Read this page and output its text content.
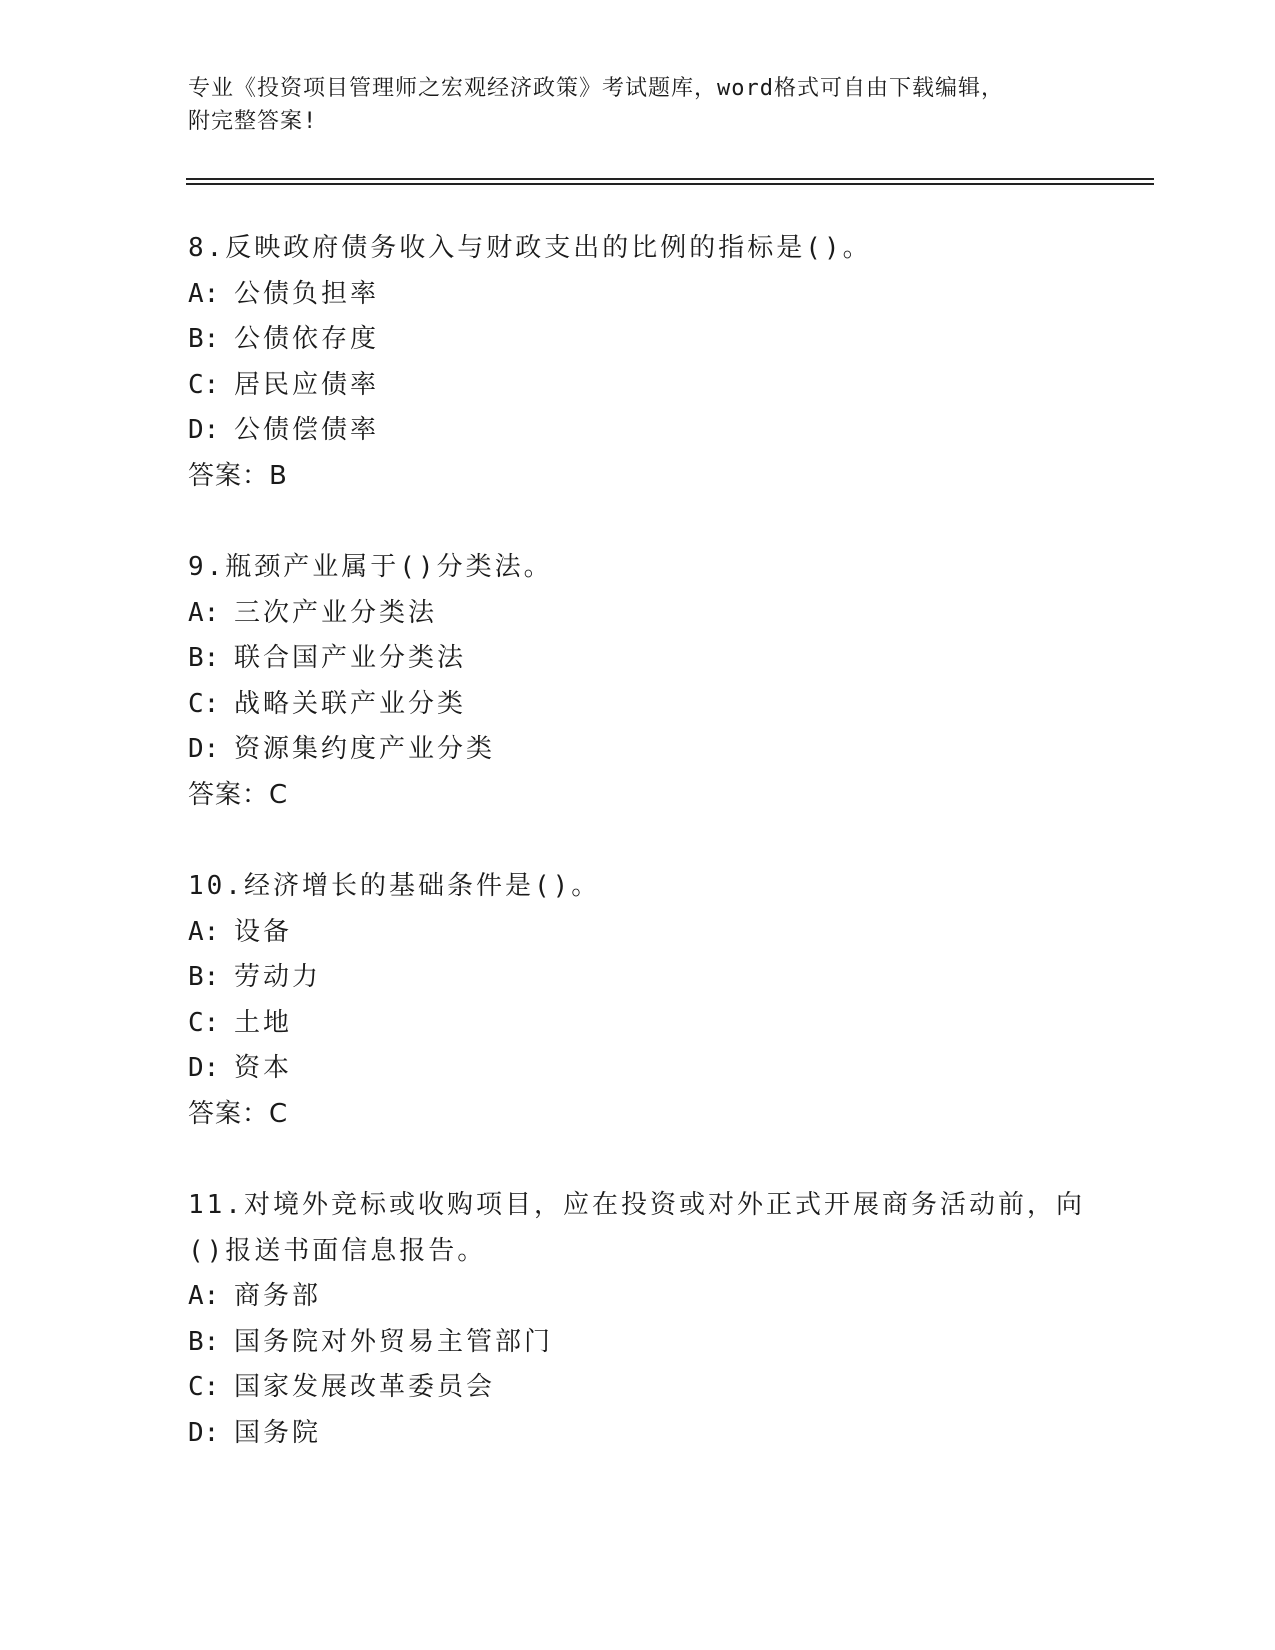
专业《投资项目管理师之宏观经济政策》考试题库，word格式可自由下载编辑，
附完整答案!
8.反映政府债务收入与财政支出的比例的指标是()。
A: 公债负担率
B: 公债依存度
C: 居民应债率
D: 公债偿债率
答案：B
9.瓶颈产业属于()分类法。
A: 三次产业分类法
B: 联合国产业分类法
C: 战略关联产业分类
D: 资源集约度产业分类
答案：C
10.经济增长的基础条件是()。
A: 设备
B: 劳动力
C: 土地
D: 资本
答案：C
11.对境外竞标或收购项目，应在投资或对外正式开展商务活动前，向
()报送书面信息报告。
A: 商务部
B: 国务院对外贸易主管部门
C: 国家发展改革委员会
D: 国务院
